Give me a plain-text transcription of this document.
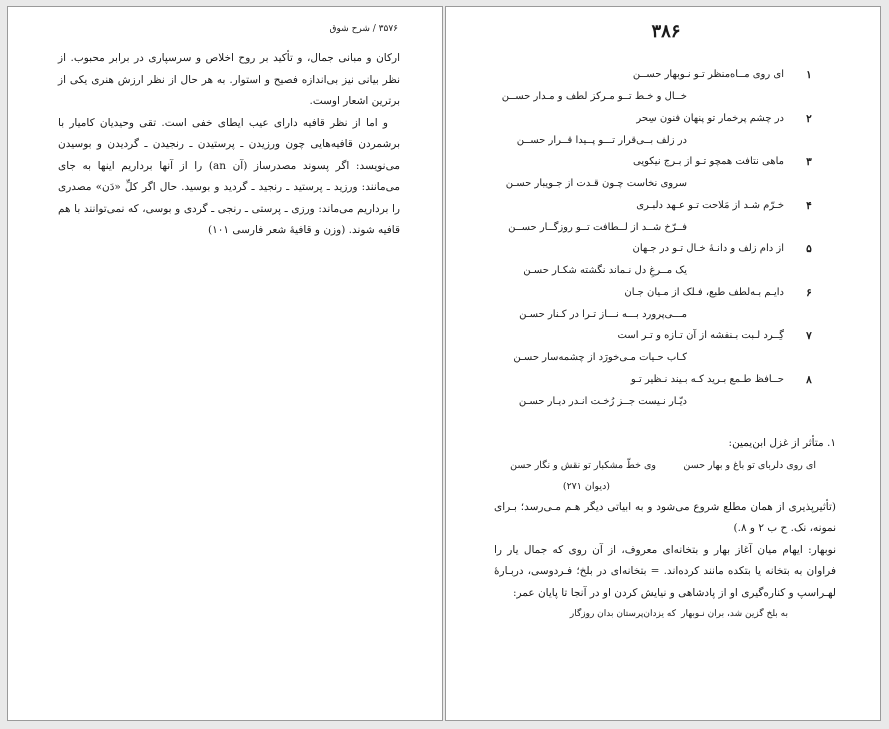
۳۵۷۶ / شرح شوق

ارکان و مبانی جمال، و تأکید بر روح اخلاص و سرسپاری در برابر محبوب. از نظر بیانی نیز بی‌اندازه فصیح و استوار. به هر حال از نظر ارزش هنری یکی از برترین اشعار اوست.

و اما از نظر قافیه دارای عیب ایطای خفی است. تقی وحیدیان کامیار با برشمردن قافیه‌هایی چون ورزیدن ـ پرستیدن ـ رنجیدن ـ گردیدن و بوسیدن می‌نویسد: اگر پسوند مصدرساز (آن an) را از آنها برداریم اینها به جای می‌مانند: ورزید ـ پرستید ـ رنجید ـ گردید و بوسید. حال اگر کلِّ «دَن» مصدری را برداریم می‌ماند: ورزی ـ پرستی ـ رنجی ـ گردی و بوسی، که نمی‌توانند با هم قافیه شوند. (وزن و قافیهٔ شعر فارسی ۱۰۱)

۳۸۶
۱
ای روی مــاه‌منظر تـو نـوبهار حســن
خــال و خـط تــو مـرکز لطف و مـدار حســن
۲
در چشم پرخمار تو پنهان فنون سِحر
در زلف بــی‌قرار تـــو پــیدا قــرار حســن
۳
ماهی نتافت همچو تـو از بـرج نیکویی
سروی نخاست چـون قـدت از جـویبار حسـن
۴
خـرّم شـد از مَلاحت تـو عـهد دلبـری
فــرّخ شــد از لــطافت تــو روزگــار حســن
۵
از دام زلف و دانـهٔ خـال تـو در جـهان
یک مــرغِ دل نـماند نگشته شکـار حسـن
۶
دایـم بـه‌لطف طبع، فـلک از مـیان جـان
مـــی‌پرورد بـــه نـــاز تـرا در کـنار حسـن
۷
گِــرد لـبت بـنفشه از آن تـازه و تـر است
کـاب حـیات مـی‌خورَد از چشمه‌سار حسـن
۸
حــافظ طـمع بـرید کـه بـیند نـظیر تـو
دیّـار نـیست جــز رُخـت انـدر دیـار حسـن

۱. متأثر از غزل ابن‌یمین:

ای روی دلربای تو باغ و بهار حسن
وی خطّ مشکبار تو نقش و نگار حسن
(دیوان ۲۷۱)

(تأثیرپذیری از همان مطلع شروع می‌شود و به ابیاتی دیگر هـم مـی‌رسد؛ بـرای نمونه، نک. ح ب ۲ و ۸.)

نوبهار: ایهام میان آغاز بهار و بتخانه‌ای معروف، از آن روی که جمال یار را فراوان به بتخانه یا بتکده مانند کرده‌اند. = بتخانه‌ای در بلخ؛ فـردوسی، دربـارهٔ لهـراسپ و کناره‌گیری او از پادشاهی و نیایش کردن او در آنجا تا پایان عمر:

به بلخ گزین شد، بران نـوبهار
که یزدان‌پرستان بدان روزگار
